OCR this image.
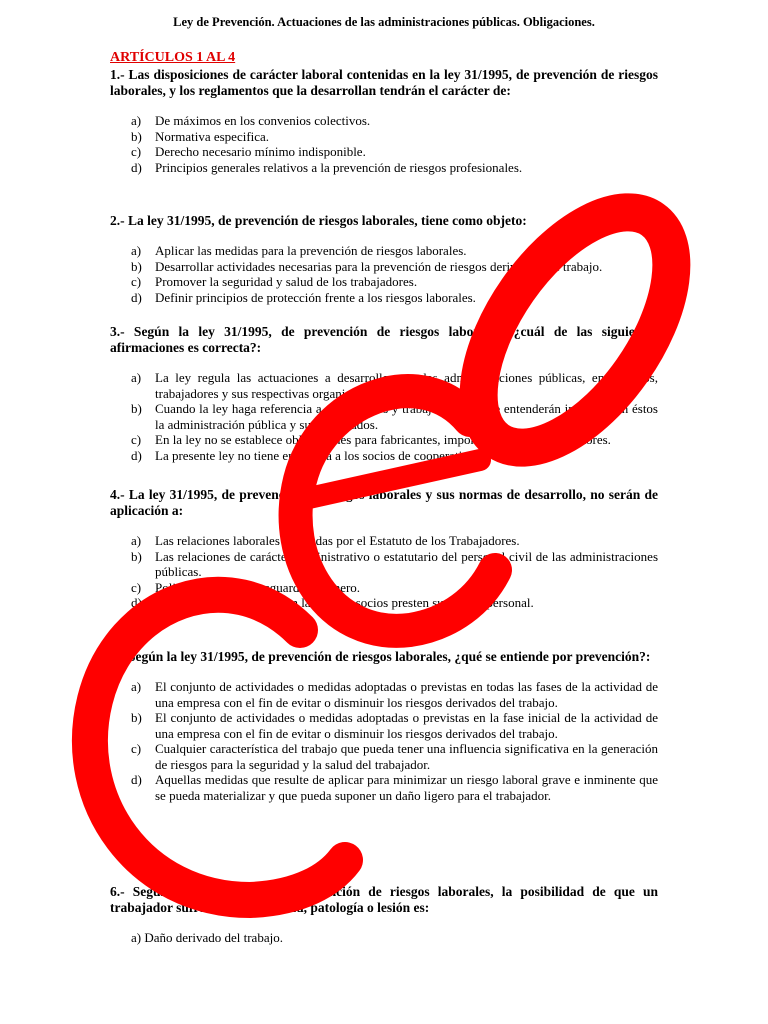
Ley de Prevención. Actuaciones de las administraciones públicas. Obligaciones.
ARTÍCULOS 1 AL 4

1.- Las disposiciones de carácter laboral contenidas en la ley 31/1995, de prevención de riesgos laborales, y los reglamentos que la desarrollan tendrán el carácter de:

a)	De máximos en los convenios colectivos.
b)	Normativa especifica.
c)	Derecho necesario mínimo indisponible.
d)	Principios generales relativos a la prevención de riesgos profesionales.

2.- La ley 31/1995, de prevención de riesgos laborales, tiene como objeto:

a)	Aplicar las medidas para la prevención de riesgos laborales.
b)	Desarrollar actividades necesarias para la prevención de riesgos derivados del trabajo.
c)	Promover la seguridad y salud de los trabajadores.
d)	Definir principios de protección frente a los riesgos laborales.

3.- Según la ley 31/1995, de prevención de riesgos laborales, ¿cuál de las siguientes afirmaciones es correcta?:

a)	La ley regula las actuaciones a desarrollar por las administraciones públicas, empresarios, trabajadores y sus respectivas organizaciones representativas.
b)	Cuando la ley haga referencia a empresarios y trabajadores, no se entenderán incluidos en éstos la administración pública y sus empleados.
c)	En la ley no se establece obligaciones para fabricantes, importadores y suministradores.
d)	La presente ley no tiene en cuenta a los socios de cooperativas.

4.- La ley 31/1995, de prevención de riesgos laborales y sus normas de desarrollo, no serán de aplicación a:

a)	Las relaciones laborales reguladas por el Estatuto de los Trabajadores.
b)	Las relaciones de carácter administrativo o estatutario del personal civil de las administraciones públicas.
c)	Policía, seguridad, resguardo aduanero.
d)	Sociedades cooperativas en la que sus socios presten su trabajo personal.

5.- Según la ley 31/1995, de prevención de riesgos laborales, ¿qué se entiende por prevención?:

a)	El conjunto de actividades o medidas adoptadas o previstas en todas las fases de la actividad de una empresa con el fin de evitar o disminuir los riesgos derivados del trabajo.
b)	El conjunto de actividades o medidas adoptadas o previstas en la fase inicial de la actividad de una empresa con el fin de evitar o disminuir los riesgos derivados del trabajo.
c)	Cualquier característica del trabajo que pueda tener una influencia significativa en la generación de riesgos para la seguridad y la salud del trabajador.
d)	Aquellas medidas que resulte de aplicar para minimizar un riesgo laboral grave e inminente que se pueda materializar y que pueda suponer un daño ligero para el trabajador.

6.- Según la ley 31/1995, de prevención de riesgos laborales, la posibilidad de que un trabajador sufra una enfermedad, patología o lesión es:

a) Daño derivado del trabajo.
